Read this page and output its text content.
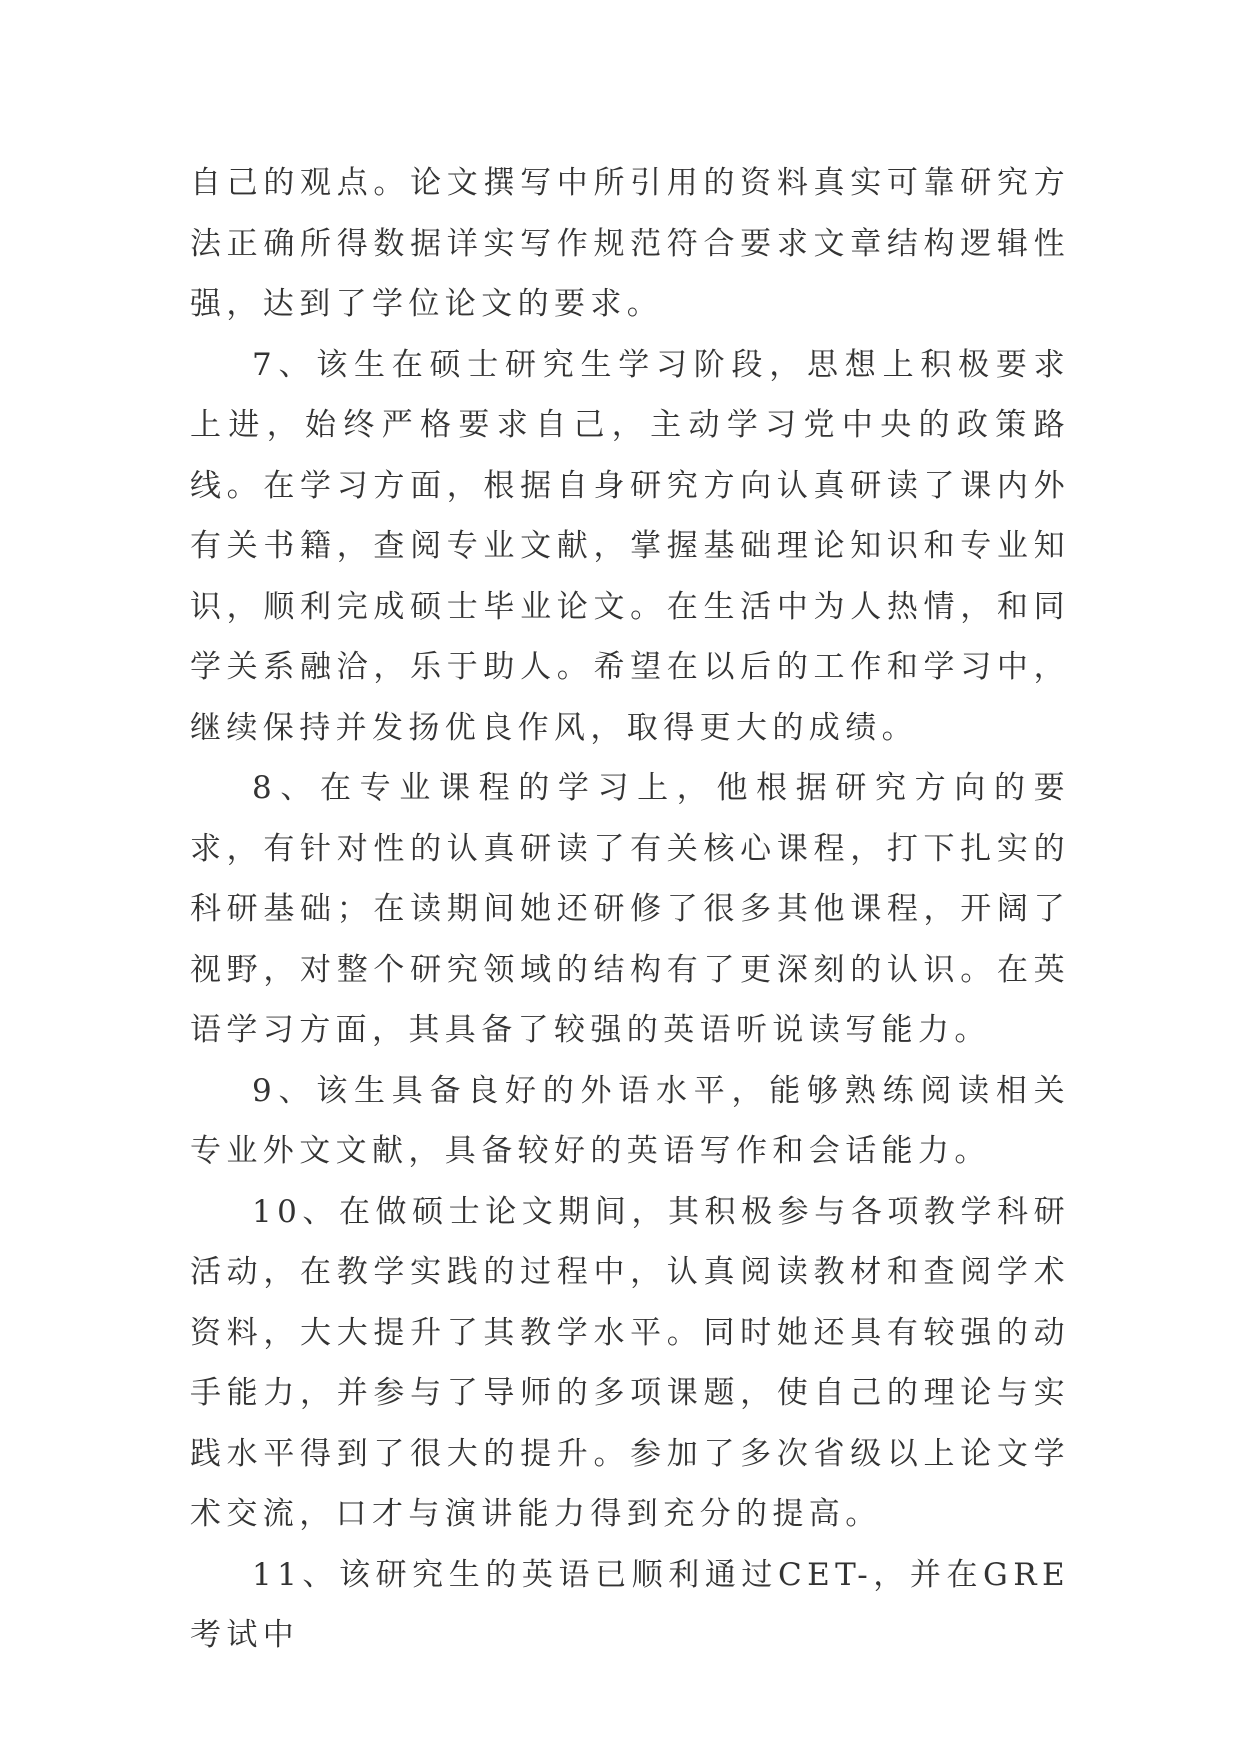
自己的观点。论文撰写中所引用的资料真实可靠研究方法正确所得数据详实写作规范符合要求文章结构逻辑性强，达到了学位论文的要求。

7、该生在硕士研究生学习阶段，思想上积极要求上进，始终严格要求自己，主动学习党中央的政策路线。在学习方面，根据自身研究方向认真研读了课内外有关书籍，查阅专业文献，掌握基础理论知识和专业知识，顺利完成硕士毕业论文。在生活中为人热情，和同学关系融洽，乐于助人。希望在以后的工作和学习中，继续保持并发扬优良作风，取得更大的成绩。

8、在专业课程的学习上，他根据研究方向的要求，有针对性的认真研读了有关核心课程，打下扎实的科研基础；在读期间她还研修了很多其他课程，开阔了视野，对整个研究领域的结构有了更深刻的认识。在英语学习方面，其具备了较强的英语听说读写能力。

9、该生具备良好的外语水平，能够熟练阅读相关专业外文文献，具备较好的英语写作和会话能力。

10、在做硕士论文期间，其积极参与各项教学科研活动，在教学实践的过程中，认真阅读教材和查阅学术资料，大大提升了其教学水平。同时她还具有较强的动手能力，并参与了导师的多项课题，使自己的理论与实践水平得到了很大的提升。参加了多次省级以上论文学术交流，口才与演讲能力得到充分的提高。

11、该研究生的英语已顺利通过CET-，并在GRE考试中
